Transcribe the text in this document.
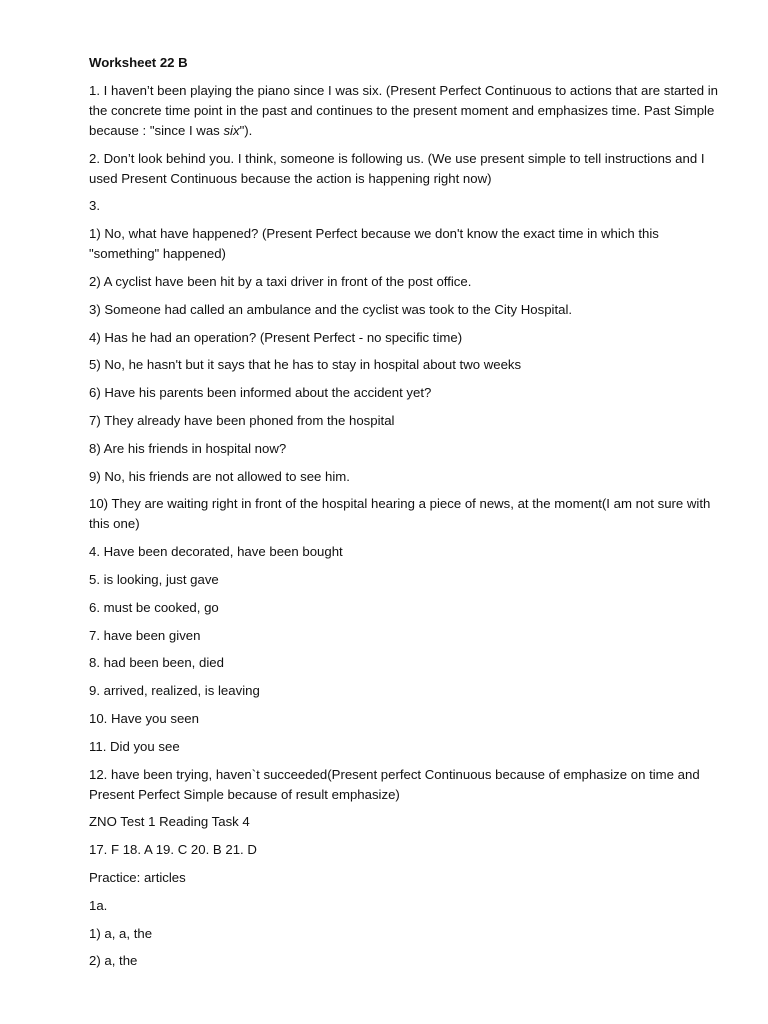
Worksheet 22 B

1. I haven’t been playing the piano since I was six. (Present Perfect Continuous to actions that are started in the concrete time point in the past and continues to the present moment and emphasizes time. Past Simple because : "since I was six").

2. Don’t look behind you. I think, someone is following us. (We use present simple to tell instructions and I used Present Continuous because the action is happening right now)

3.

1) No, what have happened? (Present Perfect because we don't know the exact time in which this "something" happened)

2) A cyclist have been hit by a taxi driver in front of the post office.

3) Someone had called an ambulance and the cyclist was took to the City Hospital.

4) Has he had an operation? (Present Perfect - no specific time)

5) No, he hasn't but it says that he has to stay in hospital about two weeks

6) Have his parents been informed about the accident yet?

7) They already have been phoned from the hospital

8) Are his friends in hospital now?

9) No, his friends are not allowed to see him.

10) They are waiting right in front of the hospital hearing a piece of news, at the moment(I am not sure with this one)

4. Have been decorated, have been bought

5. is looking, just gave

6. must be cooked, go

7. have been given

8. had been been, died

9. arrived, realized, is leaving

10. Have you seen

11. Did you see

12. have been trying, haven`t succeeded(Present perfect Continuous because of emphasize on time and Present Perfect Simple because of result emphasize)

ZNO Test 1 Reading Task 4

17. F 18. A 19. C 20. B 21. D

Practice: articles

1a.

1) a, a, the

2) a, the
